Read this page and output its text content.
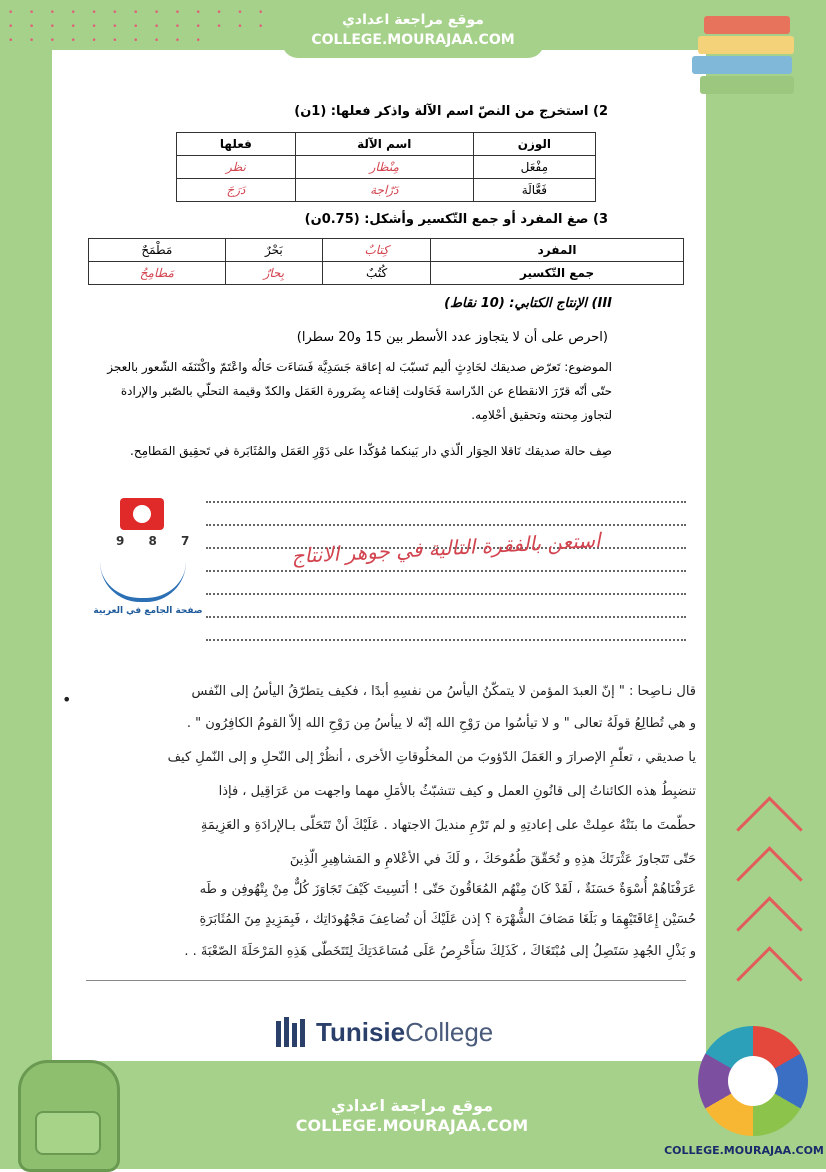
• • • • • • • • • • • • •
• • • • • • • • • • • • •
• • • • • • • • • •
موقع مراجعة اعدادي
COLLEGE.MOURAJAA.COM
2) استخرج من النصّ اسم الآلة واذكر فعلها: (1ن)
الوزن	اسم الآلة	فعلها
مِفْعَل	مِنْظار	نظر
فَعَّالَة	دَرّاجة	دَرَجَ
3) صغ المفرد أو جمع التّكسير وأشكل: (0.75ن)
المفرد	كِتابٌ	بَحْرٌ	مَطْمَحٌ
جمع التّكسير	كُتُبٌ	بِحارٌ	مَطامِحُ
III) الإنتاج الكتابي: (10 نقاط)
(احرص على أن لا يتجاوز عدد الأسطر بين 15 و20 سطرا)
الموضوع: تَعرّض صديقك لحَادِثٍ أليم تَسبّبَ له إعاقة جَسَدِيَّة فَسَاءَت حَالُه واعْتَمّ واكْتَنَفَه الشّعور بالعجز
حتّى أنّه قرّرَ الانقطاع عن الدّراسة فَحَاولت إقناعه بِضَرورة العَمَل والكدّ وقيمة التحلّي بالصّبر والإرادة
لتجاوز مِحنته وتحقيق أحْلامِه.
صِف حالة صديقك نَاقلا الحِوَار الّذي دار بَينكما مُؤكّدا على دَوْرِ العَمَل والمُثَابَرة في تَحقِيق المَطامِح.
استعن بالفقرة التالية في جوهر الانتاج
9 8 7
صفحة الجامع في العربية
•	قال نـاصِحا : " إنّ العبدَ المؤمن لا يتمكّنُ اليأسُ من نفسِهِ أبدًا ، فكيف يتطرّقُ اليأسُ إلى النّفس
و هي تُطالِعُ قولَهُ تعالى " و لا تيأسُوا من رَوْحِ الله إنّه لا ييأسُ مِن رَوْحِ الله إلاّ القومُ الكافِرُون " .
يا صديقي ، تعلّمِ الإصرارَ و العَمَلَ الدّؤوبَ من المخلُوقاتِ الأخرى ، أنظُرْ إلى النّحلِ و إلى النّملِ كيف
تنضبِطُ هذه الكائناتُ إلى قانُونِ العمل و كيف تتشبّثُ بالأمَلِ مهما واجهت من عَرَاقِيل ، فإذا
حطّمتَ ما بنَتْهُ عمِلتْ على إعادتِهِ و لم تَرْمِ منديلَ الاجتهاد . عَلَيْكَ أنْ تَتَحَلّى بـالإرادَةِ و العَزِيمَةِ
حَتّى تَتَجاوزَ عَثْرَتَكَ هذِهِ و تُحَقّقَ طُمُوحَكَ ، و لَكَ في الأعْلامِ و المَشاهِيرِ الّذِينَ
عَرَفْنَاهُمْ أُسْوَةٌ حَسَنَةٌ ، لَقَدْ كَانَ مِنْهُم المُعَاقُونَ حَتّى ! أنَسِيتَ كَيْفَ تَجَاوَزَ كُلٌّ مِنْ بِتْهُوفِن و طَه
حُسَيْن إِعَاقَتَيْهِمَا و بَلَغَا مَصَافَ الشُّهْرَة ؟ إذن عَلَيْكَ أن تُضاعِفَ مَجْهُودَاتِك ، فَبِمَزِيدٍ مِنَ المُثَابَرَةِ
و بَذْلِ الجُهدِ سَتَصِلُ إلى مُبْتَغَاكَ ، كَذَلِكَ سَأَحْرِصُ عَلَى مُسَاعَدَتِكَ لِتَتَخَطّى هَذِهِ المَرْحَلَةَ الصّعْبَةَ . .
TunisieCollege
موقع مراجعة اعدادي
COLLEGE.MOURAJAA.COM
COLLEGE.MOURAJAA.COM
